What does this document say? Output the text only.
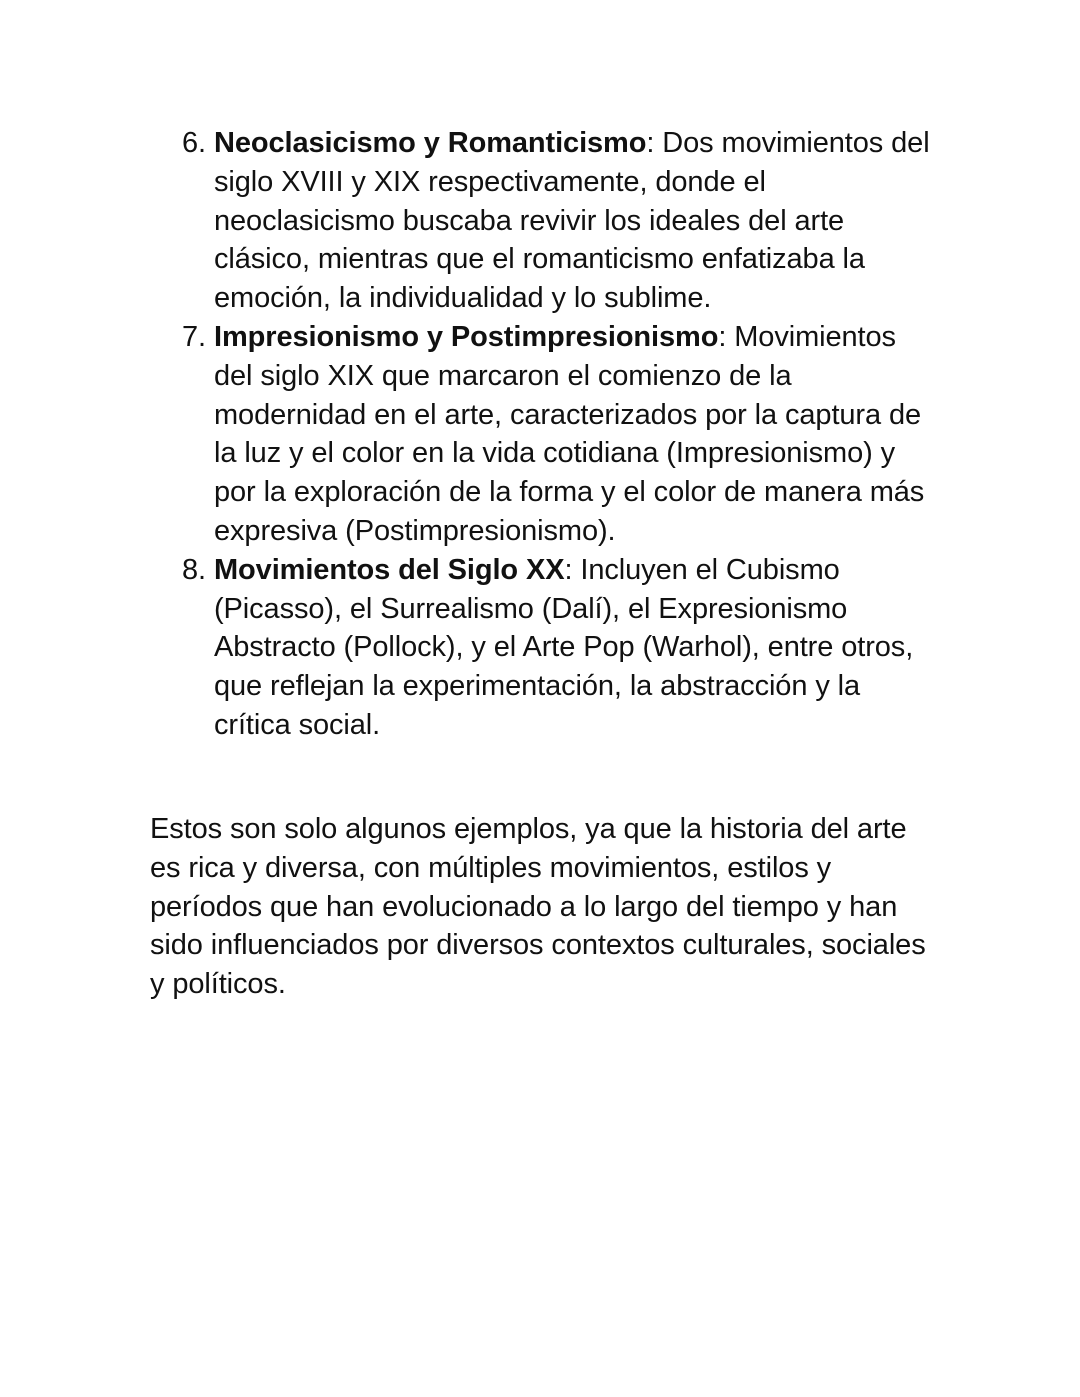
6. Neoclasicismo y Romanticismo: Dos movimientos del siglo XVIII y XIX respectivamente, donde el neoclasicismo buscaba revivir los ideales del arte clásico, mientras que el romanticismo enfatizaba la emoción, la individualidad y lo sublime.
7. Impresionismo y Postimpresionismo: Movimientos del siglo XIX que marcaron el comienzo de la modernidad en el arte, caracterizados por la captura de la luz y el color en la vida cotidiana (Impresionismo) y por la exploración de la forma y el color de manera más expresiva (Postimpresionismo).
8. Movimientos del Siglo XX: Incluyen el Cubismo (Picasso), el Surrealismo (Dalí), el Expresionismo Abstracto (Pollock), y el Arte Pop (Warhol), entre otros, que reflejan la experimentación, la abstracción y la crítica social.

Estos son solo algunos ejemplos, ya que la historia del arte es rica y diversa, con múltiples movimientos, estilos y períodos que han evolucionado a lo largo del tiempo y han sido influenciados por diversos contextos culturales, sociales y políticos.
